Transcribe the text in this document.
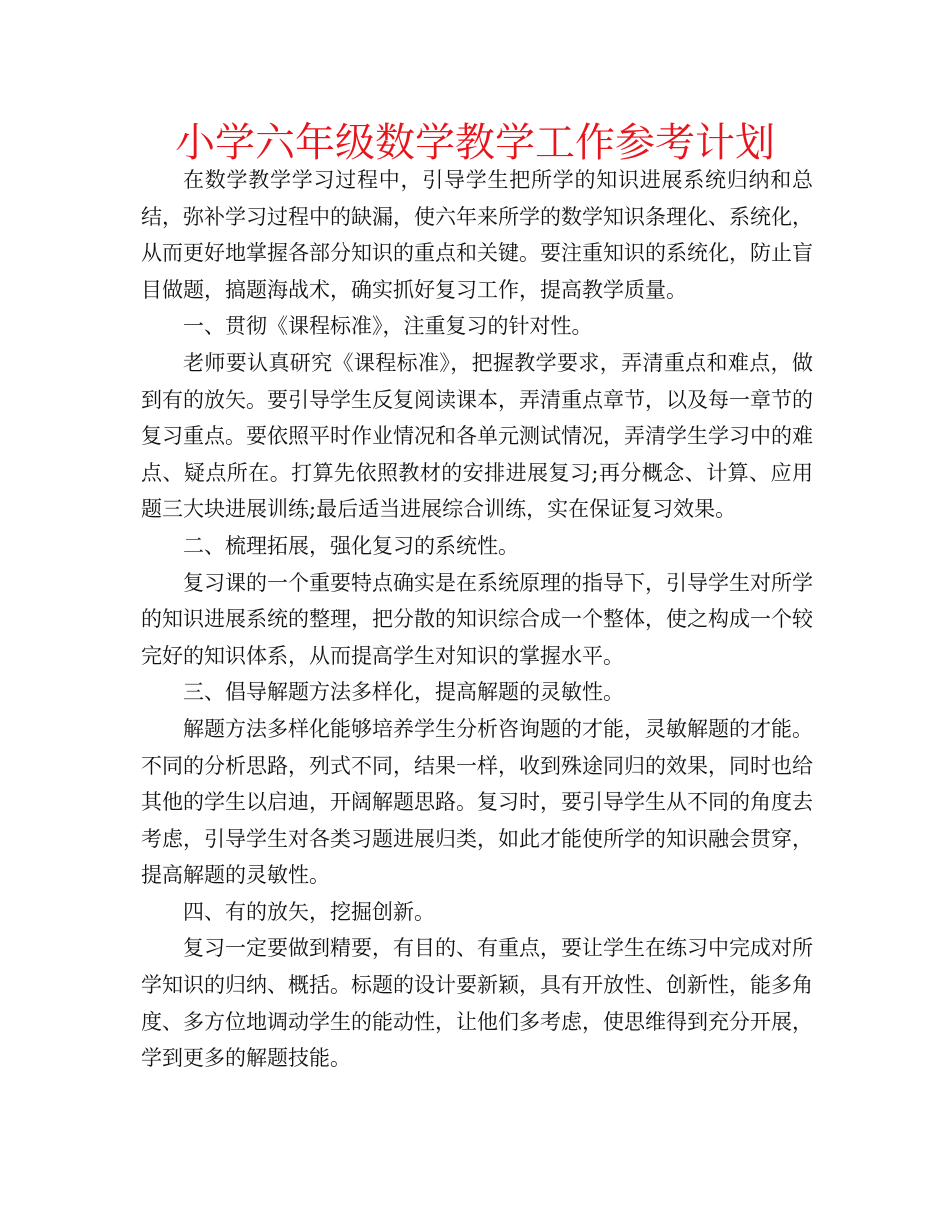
小学六年级数学教学工作参考计划

在数学教学学习过程中，引导学生把所学的知识进展系统归纳和总结，弥补学习过程中的缺漏，使六年来所学的数学知识条理化、系统化，从而更好地掌握各部分知识的重点和关键。要注重知识的系统化，防止盲目做题，搞题海战术，确实抓好复习工作，提高教学质量。

一、贯彻《课程标准》，注重复习的针对性。

老师要认真研究《课程标准》，把握教学要求，弄清重点和难点，做到有的放矢。要引导学生反复阅读课本，弄清重点章节，以及每一章节的复习重点。要依照平时作业情况和各单元测试情况，弄清学生学习中的难点、疑点所在。打算先依照教材的安排进展复习;再分概念、计算、应用题三大块进展训练;最后适当进展综合训练，实在保证复习效果。

二、梳理拓展，强化复习的系统性。

复习课的一个重要特点确实是在系统原理的指导下，引导学生对所学的知识进展系统的整理，把分散的知识综合成一个整体，使之构成一个较完好的知识体系，从而提高学生对知识的掌握水平。

三、倡导解题方法多样化，提高解题的灵敏性。

解题方法多样化能够培养学生分析咨询题的才能，灵敏解题的才能。不同的分析思路，列式不同，结果一样，收到殊途同归的效果，同时也给其他的学生以启迪，开阔解题思路。复习时，要引导学生从不同的角度去考虑，引导学生对各类习题进展归类，如此才能使所学的知识融会贯穿，提高解题的灵敏性。

四、有的放矢，挖掘创新。

复习一定要做到精要，有目的、有重点，要让学生在练习中完成对所学知识的归纳、概括。标题的设计要新颖，具有开放性、创新性，能多角度、多方位地调动学生的能动性，让他们多考虑，使思维得到充分开展，学到更多的解题技能。
